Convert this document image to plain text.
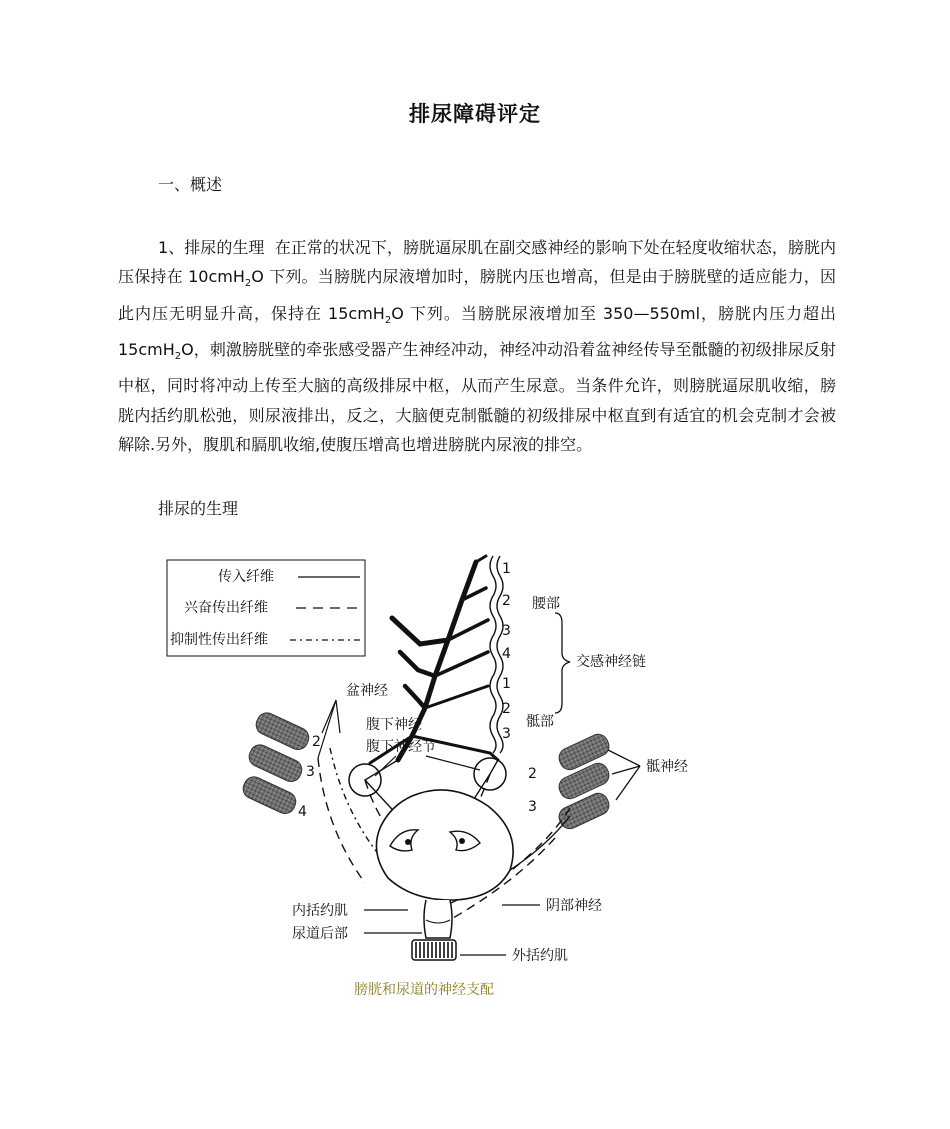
排尿障碍评定
一、概述
1、排尿的生理 在正常的状况下，膀胱逼尿肌在副交感神经的影响下处在轻度收缩状态，膀胱内压保持在 10cmH$_2$O 下列。当膀胱内尿液增加时，膀胱内压也增高，但是由于膀胱壁的适应能力，因此内压无明显升高，保持在 15cmH$_2$O 下列。当膀胱尿液增加至 350—550ml，膀胱内压力超出 15cmH$_2$O，刺激膀胱壁的牵张感受器产生神经冲动，神经冲动沿着盆神经传导至骶髓的初级排尿反射中枢，同时将冲动上传至大脑的高级排尿中枢，从而产生尿意。当条件允许，则膀胱逼尿肌收缩，膀胱内括约肌松弛，则尿液排出，反之，大脑便克制骶髓的初级排尿中枢直到有适宜的机会克制才会被解除.另外，腹肌和膈肌收缩,使腹压增高也增进膀胱内尿液的排空。
排尿的生理
传入纤维
兴奋传出纤维
抑制性传出纤维
1
2
3
4
1
2
3
腰部
骶部
交感神经链
2
3
4
2
3
骶神经
盆神经
腹下神经
腹下神经节
内括约肌
尿道后部
阴部神经
外括约肌
膀胱和尿道的神经支配
